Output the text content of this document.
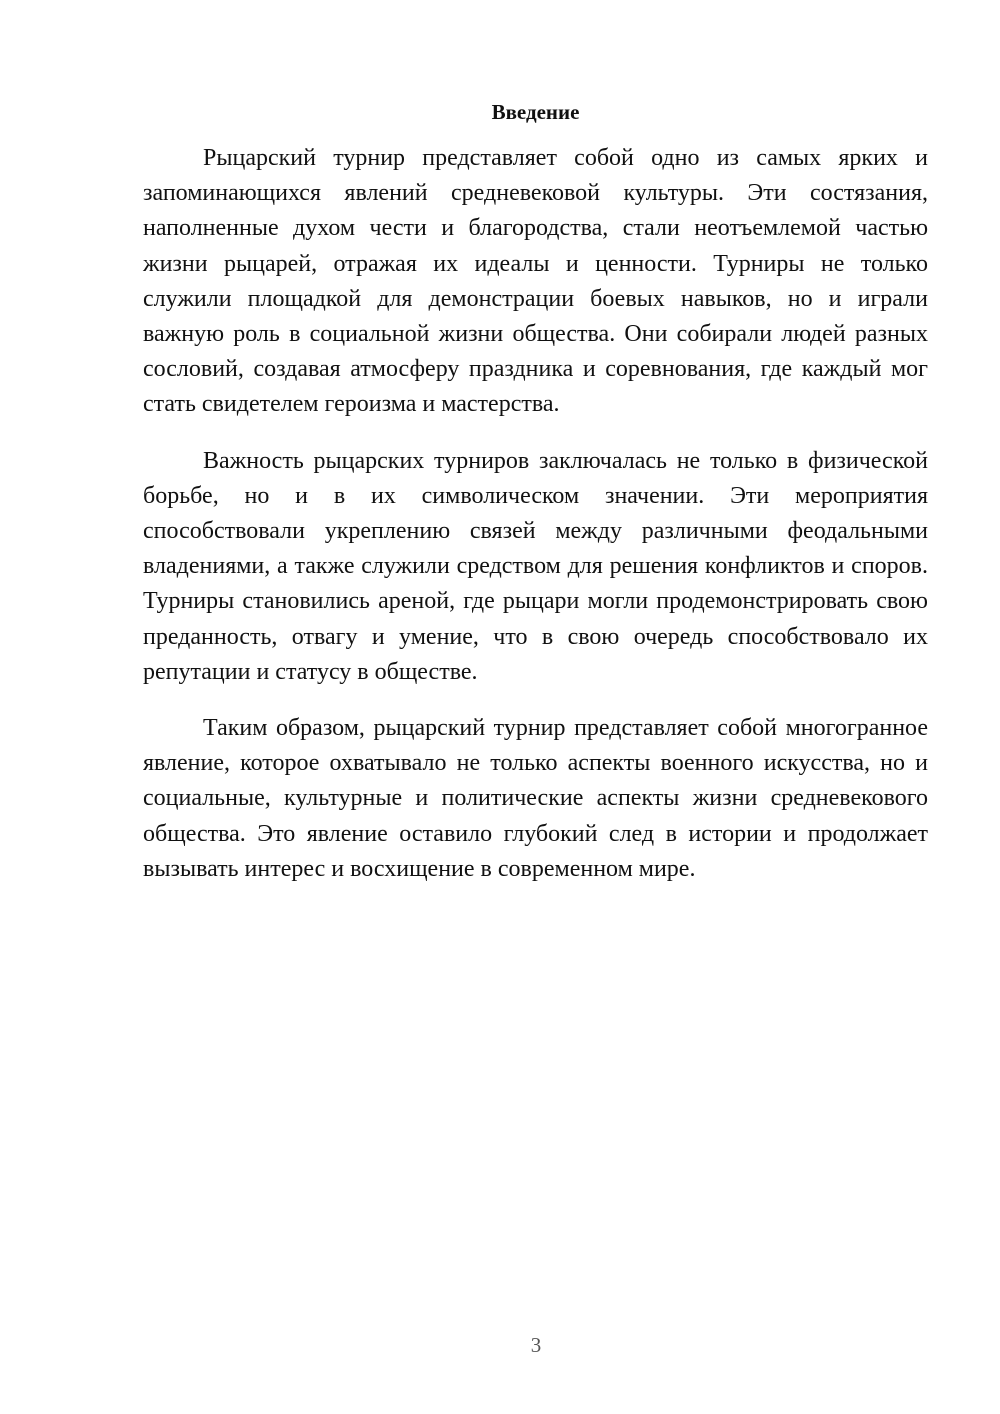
Введение

Рыцарский турнир представляет собой одно из самых ярких и запоминающихся явлений средневековой культуры. Эти состязания, наполненные духом чести и благородства, стали неотъемлемой частью жизни рыцарей, отражая их идеалы и ценности. Турниры не только служили площадкой для демонстрации боевых навыков, но и играли важную роль в социальной жизни общества. Они собирали людей разных сословий, создавая атмосферу праздника и соревнования, где каждый мог стать свидетелем героизма и мастерства.

Важность рыцарских турниров заключалась не только в физической борьбе, но и в их символическом значении. Эти мероприятия способствовали укреплению связей между различными феодальными владениями, а также служили средством для решения конфликтов и споров. Турниры становились ареной, где рыцари могли продемонстрировать свою преданность, отвагу и умение, что в свою очередь способствовало их репутации и статусу в обществе.

Таким образом, рыцарский турнир представляет собой многогранное явление, которое охватывало не только аспекты военного искусства, но и социальные, культурные и политические аспекты жизни средневекового общества. Это явление оставило глубокий след в истории и продолжает вызывать интерес и восхищение в современном мире.

3
